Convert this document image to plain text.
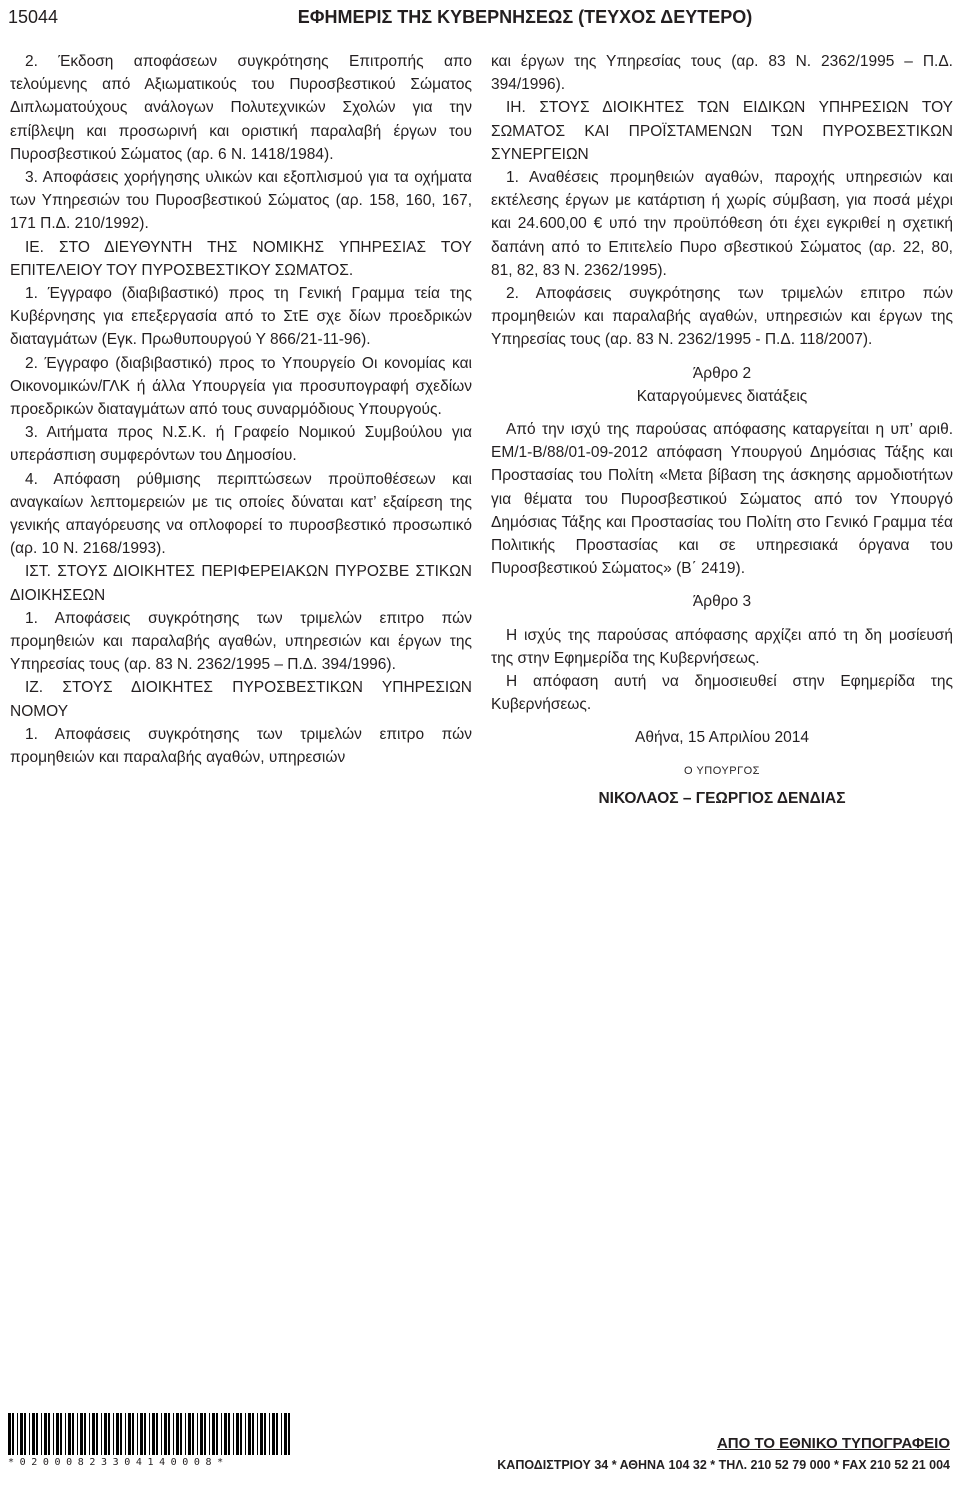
15044	ΕΦΗΜΕΡΙΣ ΤΗΣ ΚΥΒΕΡΝΗΣΕΩΣ (ΤΕΥΧΟΣ ΔΕΥΤΕΡΟ)

2. Έκδοση αποφάσεων συγκρότησης Επιτροπής απο τελούμενης από Αξιωματικούς του Πυροσβεστικού Σώματος Διπλωματούχους ανάλογων Πολυτεχνικών Σχολών για την επίβλεψη και προσωρινή και οριστική παραλαβή έργων του Πυροσβεστικού Σώματος (αρ. 6 Ν. 1418/1984).

3. Αποφάσεις χορήγησης υλικών και εξοπλισμού για τα οχήματα των Υπηρεσιών του Πυροσβεστικού Σώματος (αρ. 158, 160, 167, 171 Π.Δ. 210/1992).

ΙΕ. ΣΤΟ ΔΙΕΥΘΥΝΤΗ ΤΗΣ ΝΟΜΙΚΗΣ ΥΠΗΡΕΣΙΑΣ ΤΟΥ ΕΠΙΤΕΛΕΙΟΥ ΤΟΥ ΠΥΡΟΣΒΕΣΤΙΚΟΥ ΣΩΜΑΤΟΣ.

1. Έγγραφο (διαβιβαστικό) προς τη Γενική Γραμμα τεία της Κυβέρνησης για επεξεργασία από το ΣτΕ σχε δίων προεδρικών διαταγμάτων (Εγκ. Πρωθυπουργού Υ 866/21-11-96).

2. Έγγραφο (διαβιβαστικό) προς το Υπουργείο Οι κονομίας και Οικονομικών/ΓΛΚ ή άλλα Υπουργεία για προσυπογραφή σχεδίων προεδρικών διαταγμάτων από τους συναρμόδιους Υπουργούς.

3. Αιτήματα προς Ν.Σ.Κ. ή Γραφείο Νομικού Συμβούλου για υπεράσπιση συμφερόντων του Δημοσίου.

4. Απόφαση ρύθμισης περιπτώσεων προϋποθέσεων και αναγκαίων λεπτομερειών με τις οποίες δύναται κατ’ εξαίρεση της γενικής απαγόρευσης να οπλοφορεί το πυροσβεστικό προσωπικό (αρ. 10 Ν. 2168/1993).

ΙΣΤ. ΣΤΟΥΣ ΔΙΟΙΚΗΤΕΣ ΠΕΡΙΦΕΡΕΙΑΚΩΝ ΠΥΡΟΣΒΕ ΣΤΙΚΩΝ ΔΙΟΙΚΗΣΕΩΝ

1. Αποφάσεις συγκρότησης των τριμελών επιτρο πών προμηθειών και παραλαβής αγαθών, υπηρεσιών και έργων της Υπηρεσίας τους (αρ. 83 Ν. 2362/1995 – Π.Δ. 394/1996).

ΙΖ. ΣΤΟΥΣ ΔΙΟΙΚΗΤΕΣ ΠΥΡΟΣΒΕΣΤΙΚΩΝ ΥΠΗΡΕΣΙΩΝ ΝΟΜΟΥ

1. Αποφάσεις συγκρότησης των τριμελών επιτρο πών προμηθειών και παραλαβής αγαθών, υπηρεσιών

και έργων της Υπηρεσίας τους (αρ. 83 Ν. 2362/1995 – Π.Δ. 394/1996).

ΙΗ. ΣΤΟΥΣ ΔΙΟΙΚΗΤΕΣ ΤΩΝ ΕΙΔΙΚΩΝ ΥΠΗΡΕΣΙΩΝ ΤΟΥ ΣΩΜΑΤΟΣ ΚΑΙ ΠΡΟΪΣΤΑΜΕΝΩΝ ΤΩΝ ΠΥΡΟΣΒΕΣΤΙΚΩΝ ΣΥΝΕΡΓΕΙΩΝ

1. Αναθέσεις προμηθειών αγαθών, παροχής υπηρεσιών και εκτέλεσης έργων με κατάρτιση ή χωρίς σύμβαση, για ποσά μέχρι και 24.600,00 € υπό την προϋπόθεση ότι έχει εγκριθεί η σχετική δαπάνη από το Επιτελείο Πυρο σβεστικού Σώματος (αρ. 22, 80, 81, 82, 83 Ν. 2362/1995).

2. Αποφάσεις συγκρότησης των τριμελών επιτρο πών προμηθειών και παραλαβής αγαθών, υπηρεσιών και έργων της Υπηρεσίας τους (αρ. 83 Ν. 2362/1995 - Π.Δ. 118/2007).

Άρθρο 2

Καταργούμενες διατάξεις

Από την ισχύ της παρούσας απόφασης καταργείται η υπ’ αριθ. ΕΜ/1-Β/88/01-09-2012 απόφαση Υπουργού Δημόσιας Τάξης και Προστασίας του Πολίτη «Μετα βίβαση της άσκησης αρμοδιοτήτων για θέματα του Πυροσβεστικού Σώματος από τον Υπουργό Δημόσιας Τάξης και Προστασίας του Πολίτη στο Γενικό Γραμμα τέα Πολιτικής Προστασίας και σε υπηρεσιακά όργανα του Πυροσβεστικού Σώματος» (Β΄ 2419).

Άρθρο 3

Η ισχύς της παρούσας απόφασης αρχίζει από τη δη μοσίευσή της στην Εφημερίδα της Κυβερνήσεως.

Η απόφαση αυτή να δημοσιευθεί στην Εφημερίδα της Κυβερνήσεως.

Αθήνα, 15 Απριλίου 2014

Ο ΥΠΟΥΡΓΟΣ

ΝΙΚΟΛΑΟΣ – ΓΕΩΡΓΙΟΣ ΔΕΝΔΙΑΣ

*02000823304140008*
ΑΠΟ ΤΟ ΕΘΝΙΚΟ ΤΥΠΟΓΡΑΦΕΙΟ
ΚΑΠΟΔΙΣΤΡΙΟΥ 34 * ΑΘΗΝΑ 104 32 * ΤΗΛ. 210 52 79 000 * FAX 210 52 21 004
